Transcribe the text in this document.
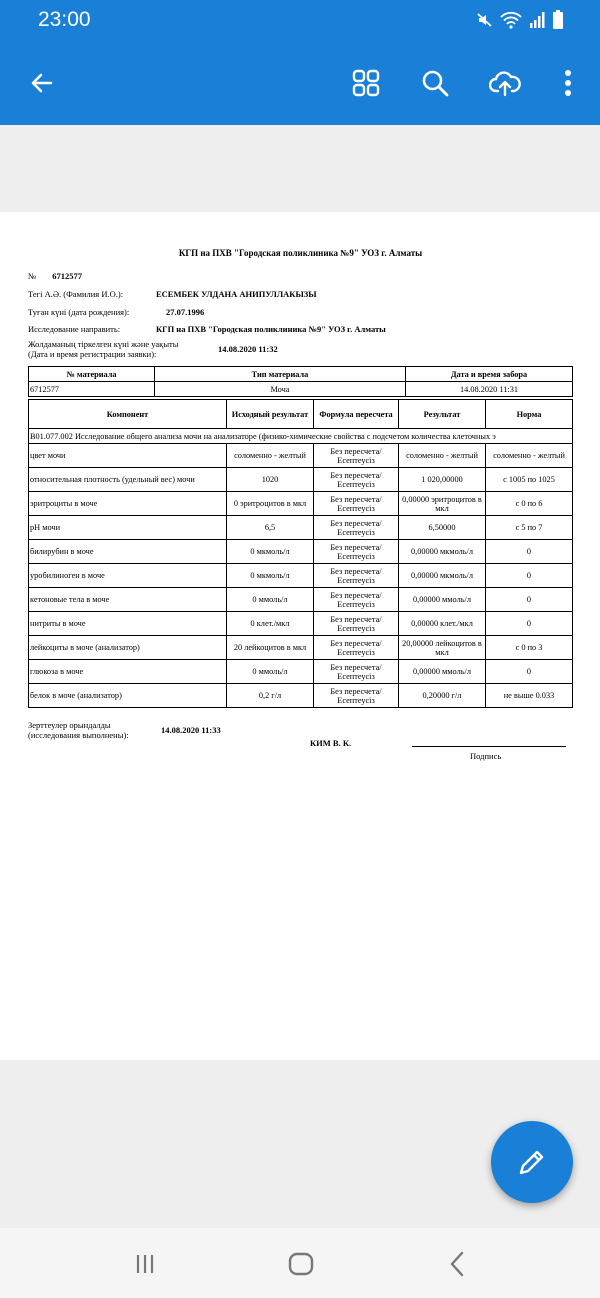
23:00
КГП на ПХВ "Городская поликлиника №9" УОЗ г. Алматы
№ 6712577
Тегі А.Ә. (Фамилия И.О.):	ЕСЕМБЕК УЛДАНА АНИПУЛЛАКЫЗЫ
Туған күні (дата рождения):	27.07.1996
Исследование направить:	КГП на ПХВ "Городская поликлиника №9" УОЗ г. Алматы
Жолдаманың тіркелген күні және уақыты
(Дата и время регистрации заявки):	14.08.2020 11:32
№ материала	Тип материала	Дата и время забора
6712577	Моча	14.08.2020 11:31
Компонент	Исходный результат	Формула пересчета	Результат	Норма
B01.077.002 Исследование общего анализа мочи на анализаторе (физико-химические свойства с подсчетом количества клеточных э				
цвет мочи	соломенно - желтый	Без пересчета/ Есептеусіз	соломенно - желтый	соломенно - желтый
относительная плотность (удельный вес) мочи	1020	Без пересчета/ Есептеусіз	1 020,00000	с 1005 по 1025
эритроциты в моче	0 эритроцитов в мкл	Без пересчета/ Есептеусіз	0,00000 эритроцитов в мкл	с 0 по 6
pH мочи	6,5	Без пересчета/ Есептеусіз	6,50000	с 5 по 7
билирубин в моче	0 мкмоль/л	Без пересчета/ Есептеусіз	0,00000 мкмоль/л	0
уробилиноген в моче	0 мкмоль/л	Без пересчета/ Есептеусіз	0,00000 мкмоль/л	0
кетоновые тела в моче	0 ммоль/л	Без пересчета/ Есептеусіз	0,00000 ммоль/л	0
нитриты в моче	0 клет./мкл	Без пересчета/ Есептеусіз	0,00000 клет./мкл	0
лейкоциты в моче (анализатор)	20 лейкоцитов в мкл	Без пересчета/ Есептеусіз	20,00000 лейкоцитов в мкл	с 0 по 3
глюкоза в моче	0 ммоль/л	Без пересчета/ Есептеусіз	0,00000 ммоль/л	0
белок в моче (анализатор)	0,2 г/л	Без пересчета/ Есептеусіз	0,20000 г/л	не выше 0.033
Зерттеулер орындалды
(исследования выполнены):	14.08.2020 11:33
КИМ В. К.
Подпись
